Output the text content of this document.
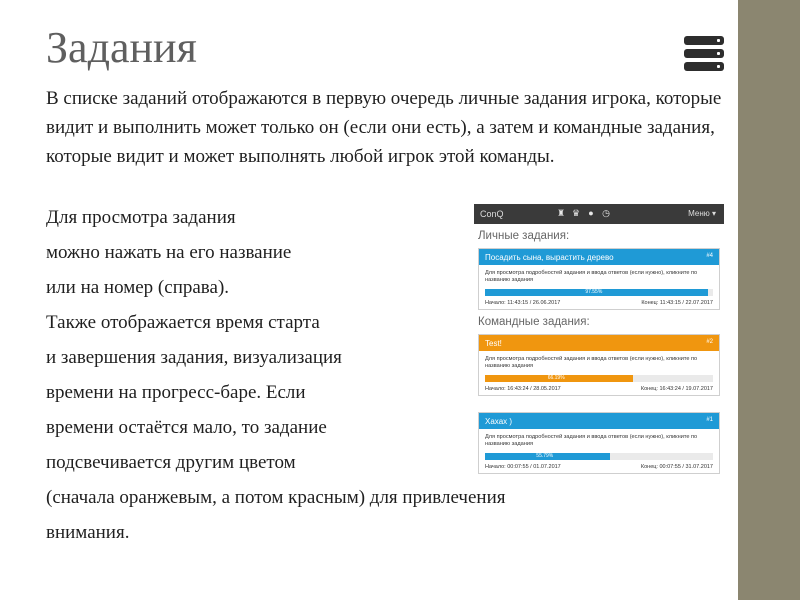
Задания

В списке заданий отображаются в первую очередь личные задания игрока, которые видит и выполнить может только он (если они есть), а затем и командные задания, которые видит и может выполнять любой игрок этой команды.

Для просмотра задания
можно нажать на его название
или на номер (справа).
Также отображается время старта
и завершения задания, визуализация
времени на прогресс-баре. Если
времени остаётся мало, то задание
подсвечивается другим цветом
(сначала оранжевым, а потом красным) для привлечения
внимания.
ConQ	♜ ♛ ● ◷	Меню ▾
Личные задания:
Посадить сына, вырастить дерево	#4
Для просмотра подробностей задания и ввода ответов (если нужно), кликните по названию задания
97.55%
Начало: 11:43:15 / 26.06.2017	Конец: 11:43:15 / 22.07.2017
Командные задания:
Test!	#2
Для просмотра подробностей задания и ввода ответов (если нужно), кликните по названию задания
66.19%
Начало: 16:43:24 / 28.05.2017	Конец: 16:43:24 / 19.07.2017
Хахах )	#1
Для просмотра подробностей задания и ввода ответов (если нужно), кликните по названию задания
55.79%
Начало: 00:07:55 / 01.07.2017	Конец: 00:07:55 / 31.07.2017
